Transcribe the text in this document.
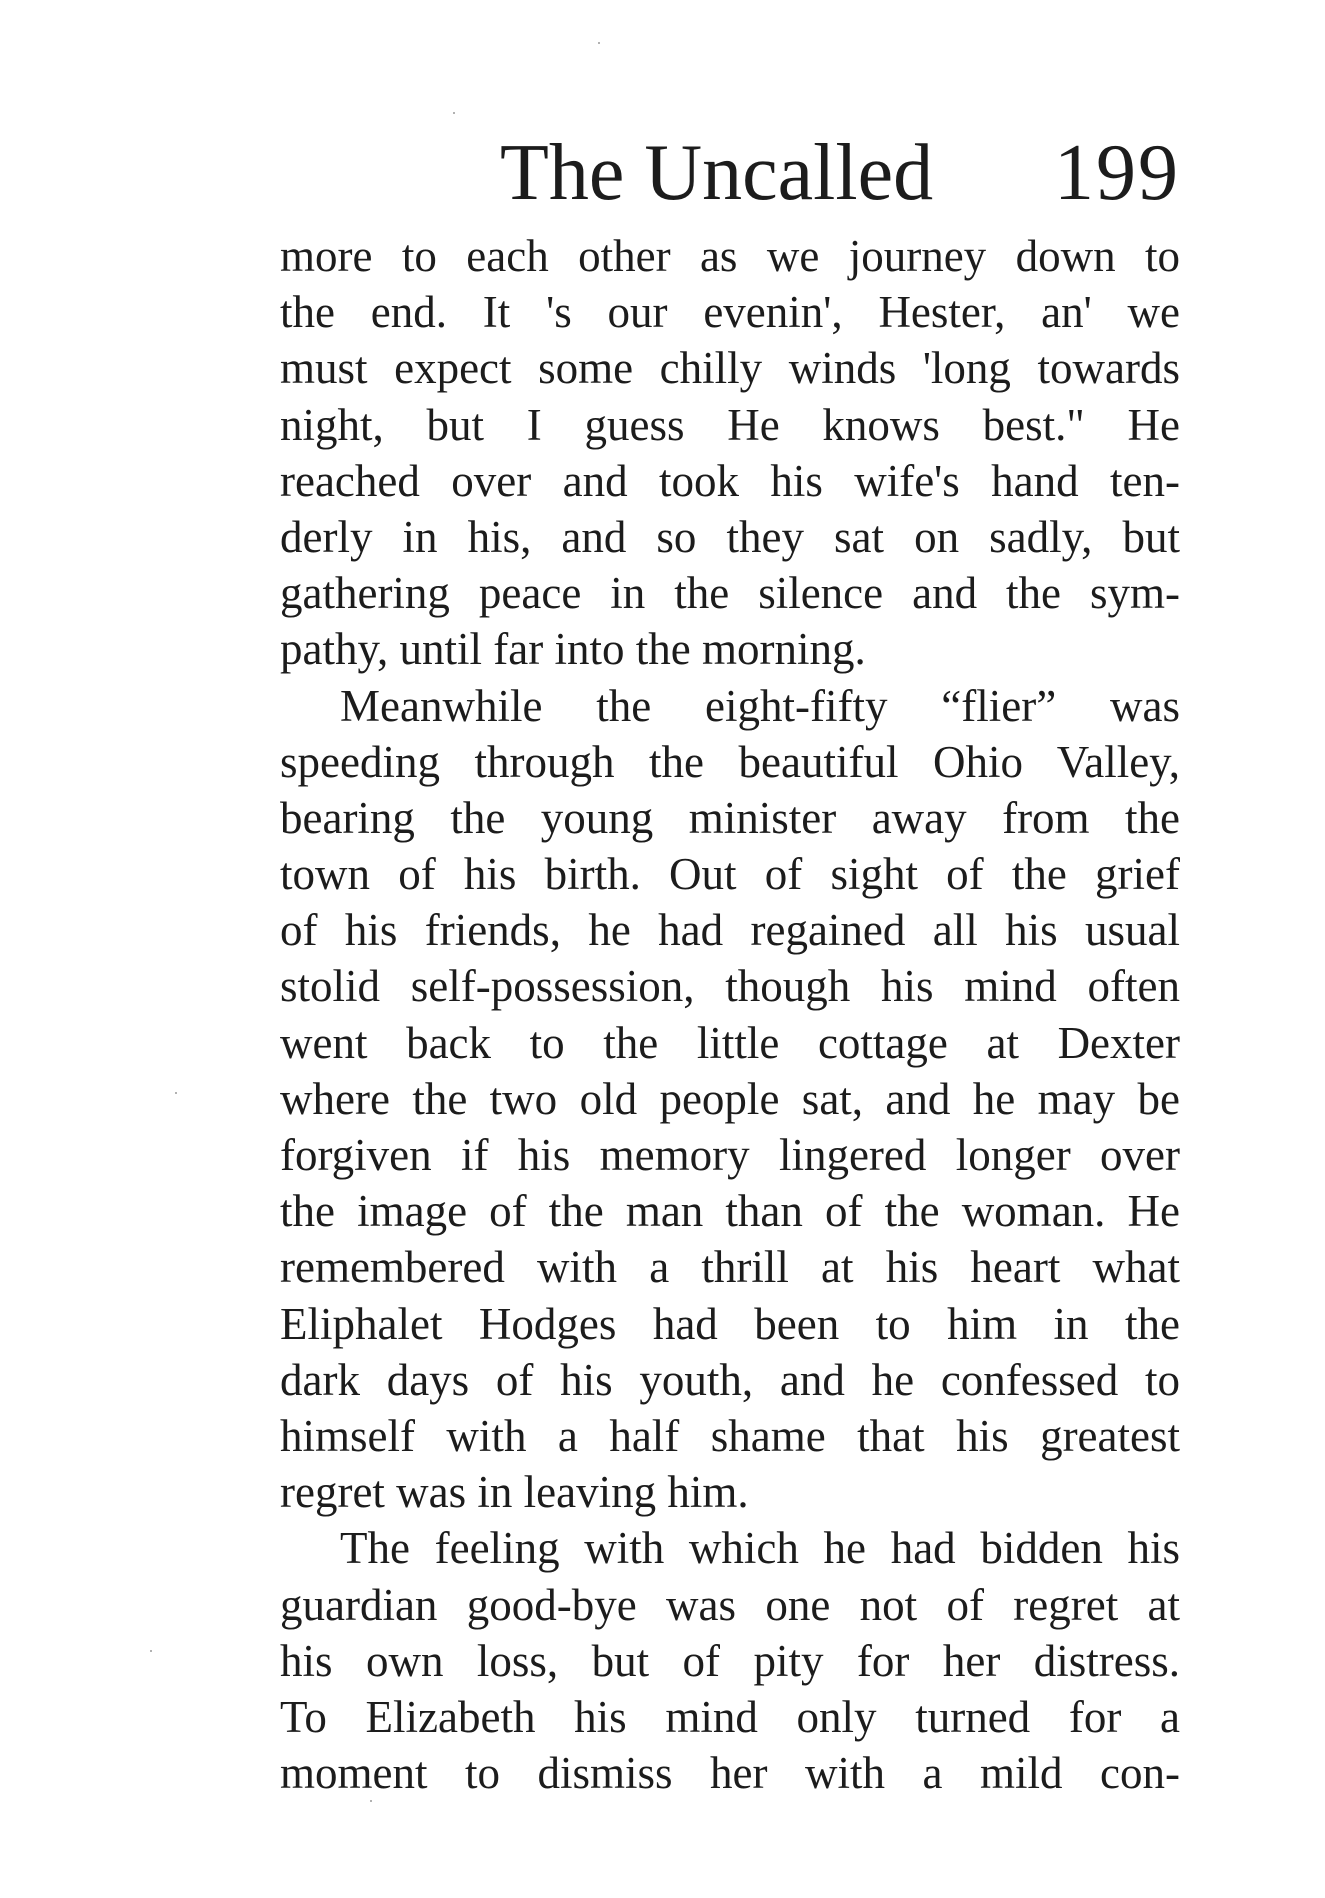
The Uncalled 199
more to each other as we journey down to
the end. It 's our evenin', Hester, an' we
must expect some chilly winds 'long towards
night, but I guess He knows best." He
reached over and took his wife's hand ten-
derly in his, and so they sat on sadly, but
gathering peace in the silence and the sym-
pathy, until far into the morning.
Meanwhile the eight-fifty “flier” was
speeding through the beautiful Ohio Valley,
bearing the young minister away from the
town of his birth. Out of sight of the grief
of his friends, he had regained all his usual
stolid self-possession, though his mind often
went back to the little cottage at Dexter
where the two old people sat, and he may be
forgiven if his memory lingered longer over
the image of the man than of the woman. He
remembered with a thrill at his heart what
Eliphalet Hodges had been to him in the
dark days of his youth, and he confessed to
himself with a half shame that his greatest
regret was in leaving him.
The feeling with which he had bidden his
guardian good-bye was one not of regret at
his own loss, but of pity for her distress.
To Elizabeth his mind only turned for a
moment to dismiss her with a mild con-
